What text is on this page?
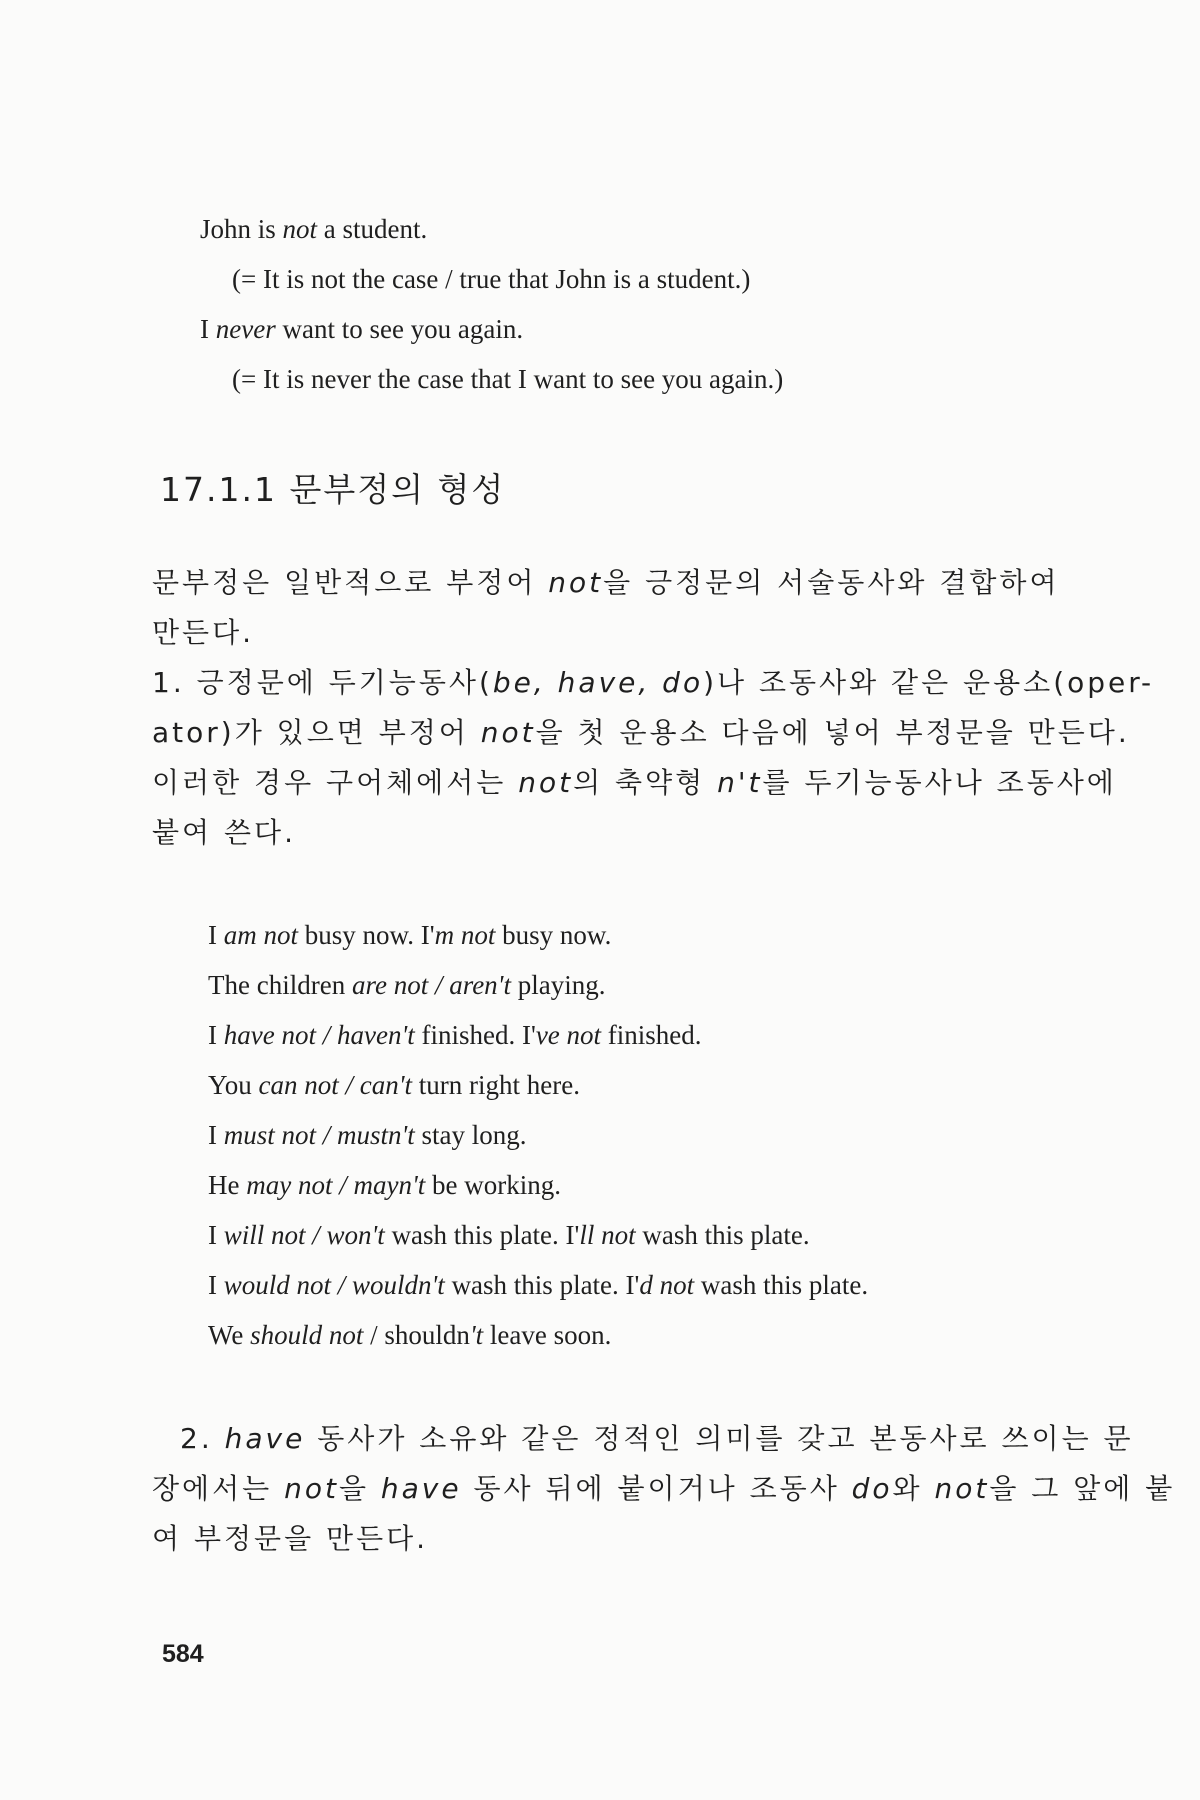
John is not a student.
(= It is not the case / true that John is a student.)
I never want to see you again.
(= It is never the case that I want to see you again.)
17.1.1 문부정의 형성
문부정은 일반적으로 부정어 not을 긍정문의 서술동사와 결합하여
만든다.
1. 긍정문에 두기능동사(be, have, do)나 조동사와 같은 운용소(oper-
ator)가 있으면 부정어 not을 첫 운용소 다음에 넣어 부정문을 만든다.
이러한 경우 구어체에서는 not의 축약형 n't를 두기능동사나 조동사에
붙여 쓴다.
I am not busy now. I'm not busy now.
The children are not / aren't playing.
I have not / haven't finished. I've not finished.
You can not / can't turn right here.
I must not / mustn't stay long.
He may not / mayn't be working.
I will not / won't wash this plate. I'll not wash this plate.
I would not / wouldn't wash this plate. I'd not wash this plate.
We should not / shouldn't leave soon.
2. have 동사가 소유와 같은 정적인 의미를 갖고 본동사로 쓰이는 문
장에서는 not을 have 동사 뒤에 붙이거나 조동사 do와 not을 그 앞에 붙
여 부정문을 만든다.
584
